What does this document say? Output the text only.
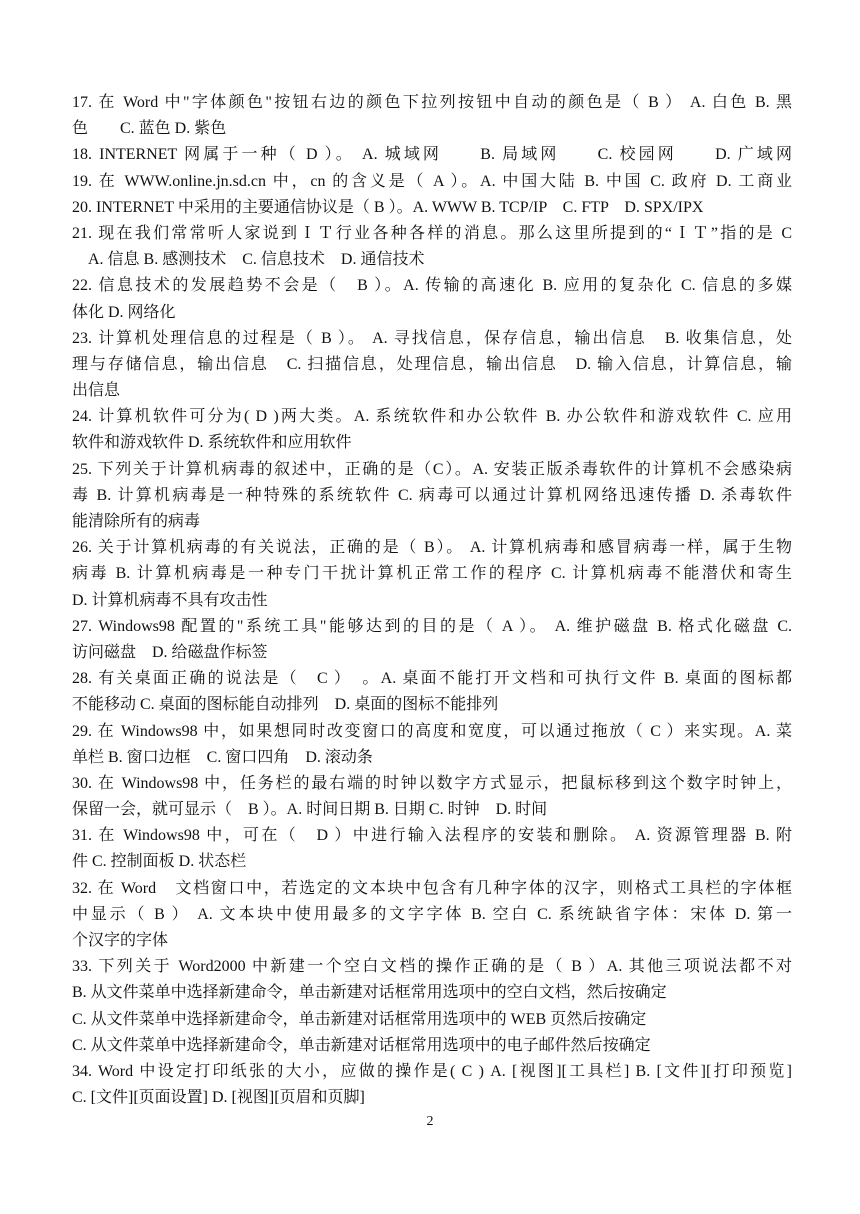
17. 在 Word 中"字体颜色"按钮右边的颜色下拉列按钮中自动的颜色是（ B ） A. 白色 B. 黑
色　　C. 蓝色 D. 紫色
18. INTERNET 网属于一种（ D ）。 A. 城域网　　B. 局域网　　C. 校园网　　D. 广域网
19. 在 WWW.online.jn.sd.cn 中，cn 的含义是（ A ）。A. 中国大陆 B. 中国 C. 政府 D. 工商业
20. INTERNET 中采用的主要通信协议是（ B ）。A. WWW B. TCP/IP　C. FTP　D. SPX/IPX
21. 现在我们常常听人家说到ＩＴ行业各种各样的消息。那么这里所提到的“ＩＴ”指的是 C
　A. 信息 B. 感测技术　C. 信息技术　D. 通信技术
22. 信息技术的发展趋势不会是（　B ）。A. 传输的高速化 B. 应用的复杂化 C. 信息的多媒
体化 D. 网络化
23. 计算机处理信息的过程是（ B ）。 A. 寻找信息，保存信息，输出信息　B. 收集信息，处
理与存储信息，输出信息　C. 扫描信息，处理信息，输出信息　D. 输入信息，计算信息，输
出信息
24. 计算机软件可分为( D )两大类。A. 系统软件和办公软件 B. 办公软件和游戏软件 C. 应用
软件和游戏软件 D. 系统软件和应用软件
25. 下列关于计算机病毒的叙述中，正确的是（C）。A. 安装正版杀毒软件的计算机不会感染病
毒 B. 计算机病毒是一种特殊的系统软件 C. 病毒可以通过计算机网络迅速传播 D. 杀毒软件
能清除所有的病毒
26. 关于计算机病毒的有关说法，正确的是（ B）。 A. 计算机病毒和感冒病毒一样，属于生物
病毒 B. 计算机病毒是一种专门干扰计算机正常工作的程序 C. 计算机病毒不能潜伏和寄生
D. 计算机病毒不具有攻击性
27. Windows98 配置的"系统工具"能够达到的目的是（ A ）。 A. 维护磁盘 B. 格式化磁盘 C.
访问磁盘　D. 给磁盘作标签
28. 有关桌面正确的说法是（　C ）　。A. 桌面不能打开文档和可执行文件 B. 桌面的图标都
不能移动 C. 桌面的图标能自动排列　D. 桌面的图标不能排列
29. 在 Windows98 中，如果想同时改变窗口的高度和宽度，可以通过拖放（ C ）来实现。A. 菜
单栏 B. 窗口边框　C. 窗口四角　D. 滚动条
30. 在 Windows98 中，任务栏的最右端的时钟以数字方式显示，把鼠标移到这个数字时钟上，
保留一会，就可显示（　B ）。A. 时间日期 B. 日期 C. 时钟　D. 时间
31. 在 Windows98 中，可在（　D ）中进行输入法程序的安装和删除。 A. 资源管理器 B. 附
件 C. 控制面板 D. 状态栏
32. 在 Word　文档窗口中，若选定的文本块中包含有几种字体的汉字，则格式工具栏的字体框
中显示（ B ） A. 文本块中使用最多的文字字体 B. 空白 C. 系统缺省字体：宋体 D. 第一
个汉字的字体
33. 下列关于 Word2000 中新建一个空白文档的操作正确的是（ B ）A. 其他三项说法都不对
B. 从文件菜单中选择新建命令，单击新建对话框常用选项中的空白文档，然后按确定
C. 从文件菜单中选择新建命令，单击新建对话框常用选项中的 WEB 页然后按确定
C. 从文件菜单中选择新建命令，单击新建对话框常用选项中的电子邮件然后按确定
34. Word 中设定打印纸张的大小，应做的操作是( C ) A. [视图][工具栏] B. [文件][打印预览]
C. [文件][页面设置] D. [视图][页眉和页脚]
2
